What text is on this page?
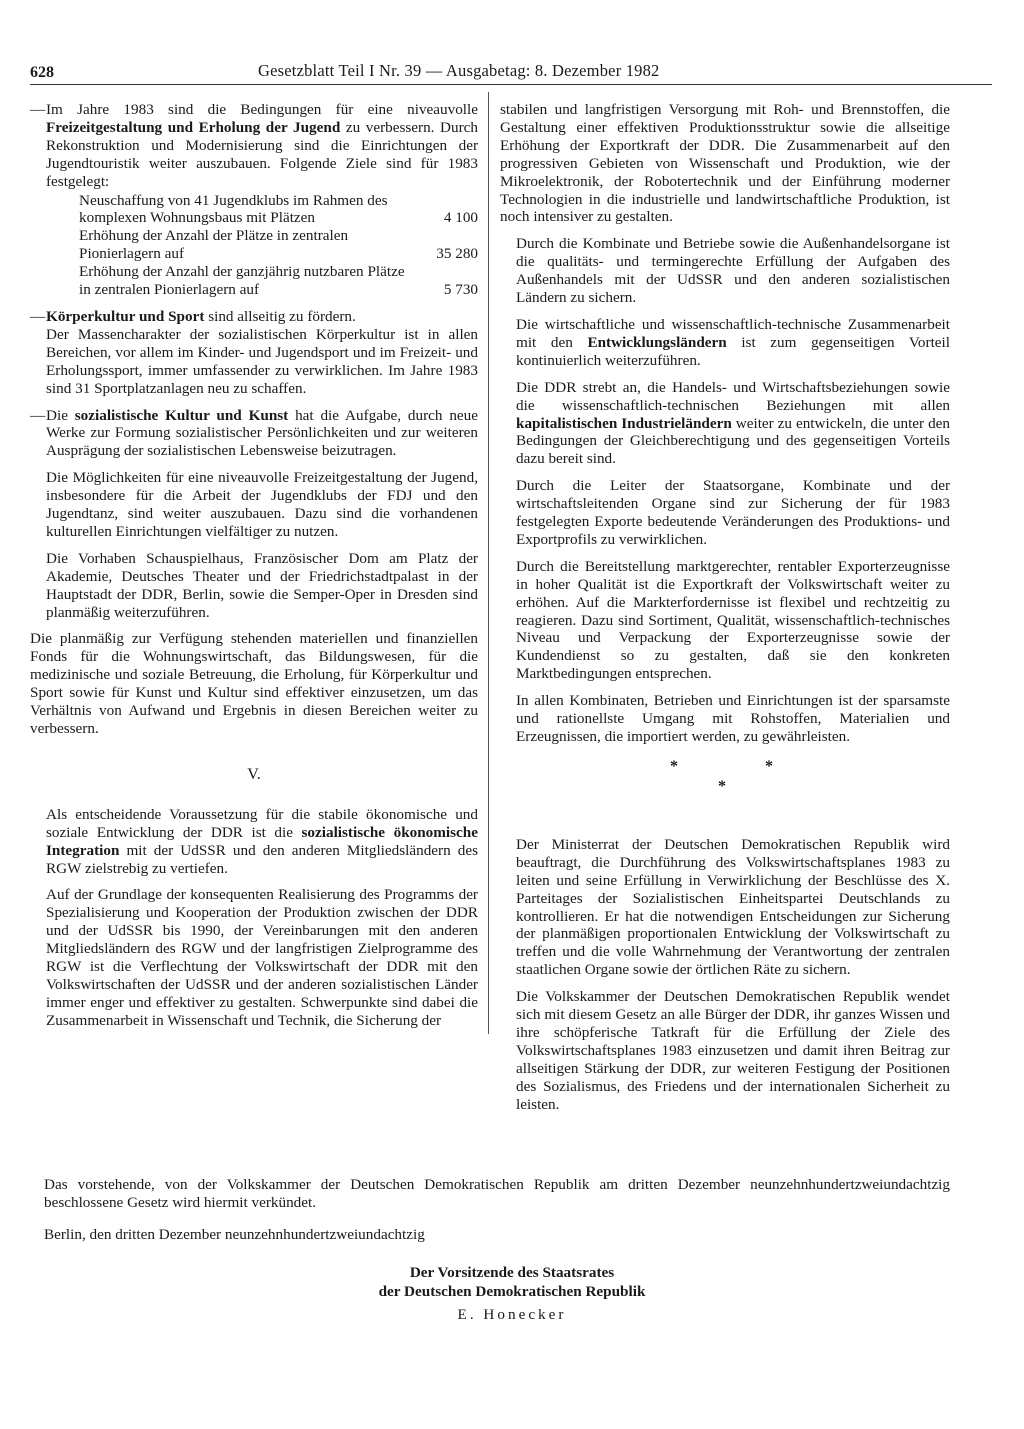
628	Gesetzblatt Teil I Nr. 39 — Ausgabetag: 8. Dezember 1982
— Im Jahre 1983 sind die Bedingungen für eine niveauvolle Freizeitgestaltung und Erholung der Jugend zu verbessern. Durch Rekonstruktion und Modernisierung sind die Einrichtungen der Jugendtouristik weiter auszubauen. Folgende Ziele sind für 1983 festgelegt:

Neuschaffung von 41 Jugendklubs im Rahmen des komplexen Wohnungsbaus mit Plätzen	4 100
Erhöhung der Anzahl der Plätze in zentralen Pionierlagern auf	35 280
Erhöhung der Anzahl der ganzjährig nutzbaren Plätze in zentralen Pionierlagern auf	5 730
— Körperkultur und Sport sind allseitig zu fördern.

Der Massencharakter der sozialistischen Körperkultur ist in allen Bereichen, vor allem im Kinder- und Jugendsport und im Freizeit- und Erholungssport, immer umfassender zu verwirklichen. Im Jahre 1983 sind 31 Sportplatzanlagen neu zu schaffen.

— Die sozialistische Kultur und Kunst hat die Aufgabe, durch neue Werke zur Formung sozialistischer Persönlichkeiten und zur weiteren Ausprägung der sozialistischen Lebensweise beizutragen.

Die Möglichkeiten für eine niveauvolle Freizeitgestaltung der Jugend, insbesondere für die Arbeit der Jugendklubs der FDJ und den Jugendtanz, sind weiter auszubauen. Dazu sind die vorhandenen kulturellen Einrichtungen vielfältiger zu nutzen.

Die Vorhaben Schauspielhaus, Französischer Dom am Platz der Akademie, Deutsches Theater und der Friedrichstadtpalast in der Hauptstadt der DDR, Berlin, sowie die Semper-Oper in Dresden sind planmäßig weiterzuführen.

Die planmäßig zur Verfügung stehenden materiellen und finanziellen Fonds für die Wohnungswirtschaft, das Bildungswesen, für die medizinische und soziale Betreuung, die Erholung, für Körperkultur und Sport sowie für Kunst und Kultur sind effektiver einzusetzen, um das Verhältnis von Aufwand und Ergebnis in diesen Bereichen weiter zu verbessern.

V.

Als entscheidende Voraussetzung für die stabile ökonomische und soziale Entwicklung der DDR ist die sozialistische ökonomische Integration mit der UdSSR und den anderen Mitgliedsländern des RGW zielstrebig zu vertiefen.

Auf der Grundlage der konsequenten Realisierung des Programms der Spezialisierung und Kooperation der Produktion zwischen der DDR und der UdSSR bis 1990, der Vereinbarungen mit den anderen Mitgliedsländern des RGW und der langfristigen Zielprogramme des RGW ist die Verflechtung der Volkswirtschaft der DDR mit den Volkswirtschaften der UdSSR und der anderen sozialistischen Länder immer enger und effektiver zu gestalten. Schwerpunkte sind dabei die Zusammenarbeit in Wissenschaft und Technik, die Sicherung der

stabilen und langfristigen Versorgung mit Roh- und Brennstoffen, die Gestaltung einer effektiven Produktionsstruktur sowie die allseitige Erhöhung der Exportkraft der DDR. Die Zusammenarbeit auf den progressiven Gebieten von Wissenschaft und Produktion, wie der Mikroelektronik, der Robotertechnik und der Einführung moderner Technologien in die industrielle und landwirtschaftliche Produktion, ist noch intensiver zu gestalten.

Durch die Kombinate und Betriebe sowie die Außenhandelsorgane ist die qualitäts- und termingerechte Erfüllung der Aufgaben des Außenhandels mit der UdSSR und den anderen sozialistischen Ländern zu sichern.

Die wirtschaftliche und wissenschaftlich-technische Zusammenarbeit mit den Entwicklungsländern ist zum gegenseitigen Vorteil kontinuierlich weiterzuführen.

Die DDR strebt an, die Handels- und Wirtschaftsbeziehungen sowie die wissenschaftlich-technischen Beziehungen mit allen kapitalistischen Industrieländern weiter zu entwickeln, die unter den Bedingungen der Gleichberechtigung und des gegenseitigen Vorteils dazu bereit sind.

Durch die Leiter der Staatsorgane, Kombinate und der wirtschaftsleitenden Organe sind zur Sicherung der für 1983 festgelegten Exporte bedeutende Veränderungen des Produktions- und Exportprofils zu verwirklichen.

Durch die Bereitstellung marktgerechter, rentabler Exporterzeugnisse in hoher Qualität ist die Exportkraft der Volkswirtschaft weiter zu erhöhen. Auf die Markterfordernisse ist flexibel und rechtzeitig zu reagieren. Dazu sind Sortiment, Qualität, wissenschaftlich-technisches Niveau und Verpackung der Exporterzeugnisse sowie der Kundendienst so zu gestalten, daß sie den konkreten Marktbedingungen entsprechen.

In allen Kombinaten, Betrieben und Einrichtungen ist der sparsamste und rationellste Umgang mit Rohstoffen, Materialien und Erzeugnissen, die importiert werden, zu gewährleisten.

*	*
*

Der Ministerrat der Deutschen Demokratischen Republik wird beauftragt, die Durchführung des Volkswirtschaftsplanes 1983 zu leiten und seine Erfüllung in Verwirklichung der Beschlüsse des X. Parteitages der Sozialistischen Einheitspartei Deutschlands zu kontrollieren. Er hat die notwendigen Entscheidungen zur Sicherung der planmäßigen proportionalen Entwicklung der Volkswirtschaft zu treffen und die volle Wahrnehmung der Verantwortung der zentralen staatlichen Organe sowie der örtlichen Räte zu sichern.

Die Volkskammer der Deutschen Demokratischen Republik wendet sich mit diesem Gesetz an alle Bürger der DDR, ihr ganzes Wissen und ihre schöpferische Tatkraft für die Erfüllung der Ziele des Volkswirtschaftsplanes 1983 einzusetzen und damit ihren Beitrag zur allseitigen Stärkung der DDR, zur weiteren Festigung der Positionen des Sozialismus, des Friedens und der internationalen Sicherheit zu leisten.

Das vorstehende, von der Volkskammer der Deutschen Demokratischen Republik am dritten Dezember neunzehnhundertzweiundachtzig beschlossene Gesetz wird hiermit verkündet.

Berlin, den dritten Dezember neunzehnhundertzweiundachtzig

Der Vorsitzende des Staatsrates
der Deutschen Demokratischen Republik
E. Honecker
